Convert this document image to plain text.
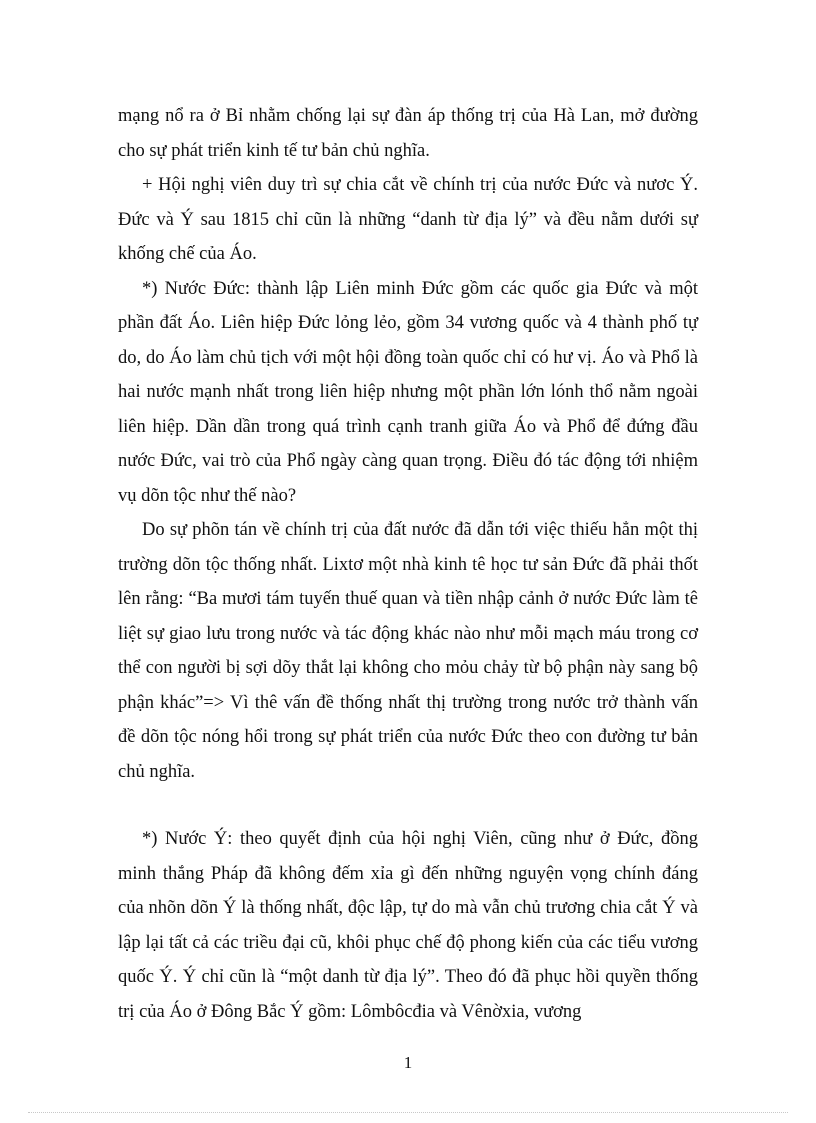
mạng nổ ra ở Bỉ nhằm chống lại sự đàn áp thống trị của Hà Lan, mở đường cho sự phát triển kinh tế tư bản chủ nghĩa.

+ Hội nghị viên duy trì sự chia cắt về chính trị của nước Đức và nươc Ý. Đức và Ý sau 1815 chỉ cũn là những “danh từ địa lý” và đều nằm dưới sự khống chế của Áo.

*) Nước Đức: thành lập Liên minh Đức gồm các quốc gia Đức và một phần đất Áo. Liên hiệp Đức lỏng lẻo, gồm 34 vương quốc và 4 thành phố tự do, do Áo làm chủ tịch với một hội đồng toàn quốc chỉ có hư vị. Áo và Phổ là hai nước mạnh nhất trong liên hiệp nhưng một phần lớn lónh thổ nằm ngoài liên hiệp. Dần dần trong quá trình cạnh tranh giữa Áo và Phổ để đứng đầu nước Đức, vai trò của Phổ ngày càng quan trọng. Điều đó tác động tới nhiệm vụ dõn tộc như thế nào?

Do sự phõn tán về chính trị của đất nước đã dẫn tới việc thiếu hẳn một thị trường dõn tộc thống nhất. Lixtơ một nhà kinh tê học tư sản Đức đã phải thốt lên rằng: “Ba mươi tám tuyến thuế quan và tiền nhập cảnh ở nước Đức làm tê liệt sự giao lưu trong nước và tác động khác nào như mỗi mạch máu trong cơ thể con người bị sợi dõy thắt lại không cho mỏu chảy từ bộ phận này sang bộ phận khác”=> Vì thê vấn đề thống nhất thị trường trong nước trở thành vấn đề dõn tộc nóng hổi trong sự phát triển của nước Đức theo con đường tư bản chủ nghĩa.

*) Nước Ý: theo quyết định của hội nghị Viên, cũng như ở Đức, đồng minh thắng Pháp đã không đếm xỉa gì đến những nguyện vọng chính đáng của nhõn dõn Ý là thống nhất, độc lập, tự do mà vẫn chủ trương chia cắt Ý và lập lại tất cả các triều đại cũ, khôi phục chế độ phong kiến của các tiểu vương quốc Ý. Ý chỉ cũn là “một danh từ địa lý”. Theo đó đã phục hồi quyền thống trị của Áo ở Đông Bắc Ý gồm: Lômbôcđia và Vênờxia, vương

1
